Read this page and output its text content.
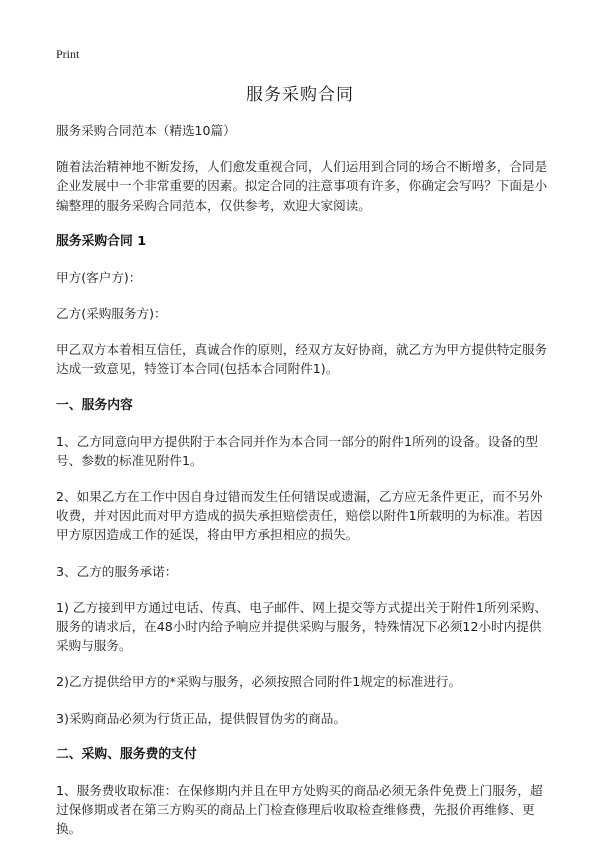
Print
服务采购合同

服务采购合同范本（精选10篇）

随着法治精神地不断发扬，人们愈发重视合同，人们运用到合同的场合不断增多，合同是企业发展中一个非常重要的因素。拟定合同的注意事项有许多，你确定会写吗？下面是小编整理的服务采购合同范本，仅供参考，欢迎大家阅读。

服务采购合同 1

甲方(客户方)：

乙方(采购服务方)：

甲乙双方本着相互信任，真诚合作的原则，经双方友好协商，就乙方为甲方提供特定服务达成一致意见，特签订本合同(包括本合同附件1)。

一、服务内容

1、乙方同意向甲方提供附于本合同并作为本合同一部分的附件1所列的设备。设备的型号、参数的标准见附件1。

2、如果乙方在工作中因自身过错而发生任何错误或遗漏，乙方应无条件更正，而不另外收费，并对因此而对甲方造成的损失承担赔偿责任，赔偿以附件1所载明的为标准。若因甲方原因造成工作的延误，将由甲方承担相应的损失。

3、乙方的服务承诺：

1) 乙方接到甲方通过电话、传真、电子邮件、网上提交等方式提出关于附件1所列采购、服务的请求后，在48小时内给予响应并提供采购与服务，特殊情况下必须12小时内提供采购与服务。

2)乙方提供给甲方的*采购与服务，必须按照合同附件1规定的标准进行。

3)采购商品必须为行货正品，提供假冒伪劣的商品。

二、采购、服务费的支付

1、服务费收取标准：在保修期内并且在甲方处购买的商品必须无条件免费上门服务，超过保修期或者在第三方购买的商品上门检查修理后收取检查维修费，先报价再维修、更换。
